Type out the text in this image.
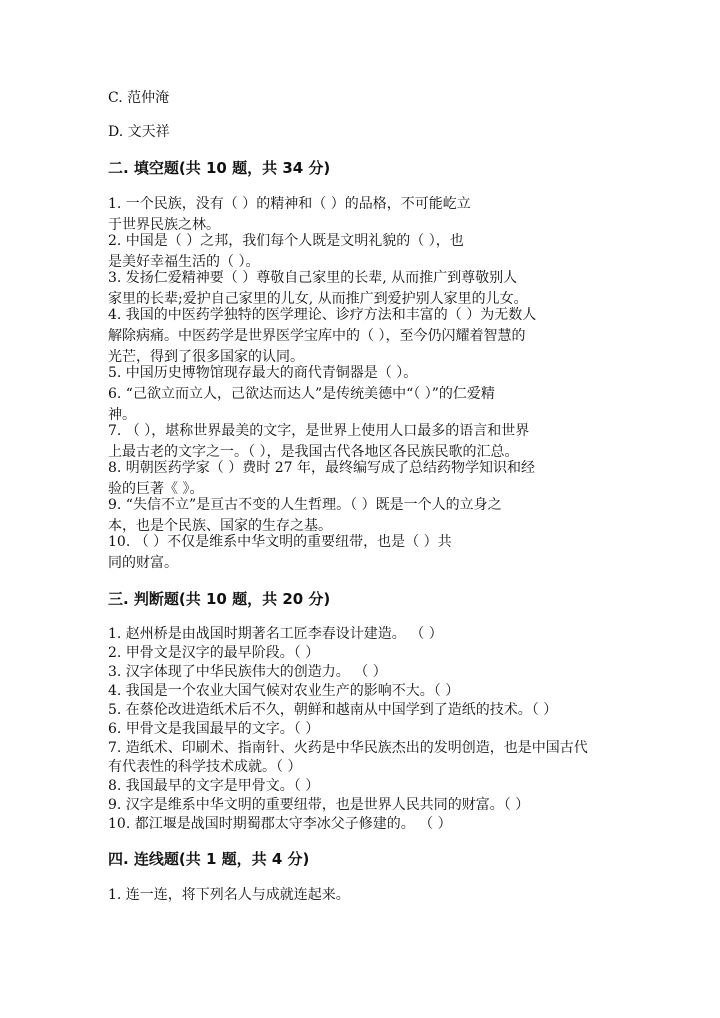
C. 范仲淹
D. 文天祥
二. 填空题(共 10 题，共 34 分)
1. 一个民族，没有（ ）的精神和（ ）的品格，不可能屹立
于世界民族之林。
2. 中国是（ ）之邦，我们每个人既是文明礼貌的（ ），也
是美好幸福生活的（ ）。
3. 发扬仁爱精神要（ ）尊敬自己家里的长辈, 从而推广到尊敬别人
家里的长辈;爱护自己家里的儿女, 从而推广到爱护别人家里的儿女。
4. 我国的中医药学独特的医学理论、诊疗方法和丰富的（ ）为无数人
解除病痛。中医药学是世界医学宝库中的（ ），至今仍闪耀着智慧的
光芒，得到了很多国家的认同。
5. 中国历史博物馆现存最大的商代青铜器是（ ）。
6. “己欲立而立人，己欲达而达人”是传统美德中“（ ）”的仁爱精
神。
7. （ ），堪称世界最美的文字，是世界上使用人口最多的语言和世界
上最古老的文字之一。（ ），是我国古代各地区各民族民歌的汇总。
8. 明朝医药学家（ ）费时 27 年，最终编写成了总结药物学知识和经
验的巨著《 》。
9. “失信不立”是亘古不变的人生哲理。（ ）既是一个人的立身之
本，也是个民族、国家的生存之基。
10. （ ）不仅是维系中华文明的重要纽带，也是（ ）共
同的财富。
三. 判断题(共 10 题，共 20 分)
1. 赵州桥是由战国时期著名工匠李春设计建造。 （ ）
2. 甲骨文是汉字的最早阶段。（ ）
3. 汉字体现了中华民族伟大的创造力。 （ ）
4. 我国是一个农业大国气候对农业生产的影响不大。（ ）
5. 在蔡伦改进造纸术后不久，朝鲜和越南从中国学到了造纸的技术。（ ）
6. 甲骨文是我国最早的文字。（ ）
7. 造纸术、印刷术、指南针、火药是中华民族杰出的发明创造，也是中国古代
有代表性的科学技术成就。（ ）
8. 我国最早的文字是甲骨文。（ ）
9. 汉字是维系中华文明的重要纽带，也是世界人民共同的财富。（ ）
10. 都江堰是战国时期蜀郡太守李冰父子修建的。 （ ）
四. 连线题(共 1 题，共 4 分)
1. 连一连，将下列名人与成就连起来。
